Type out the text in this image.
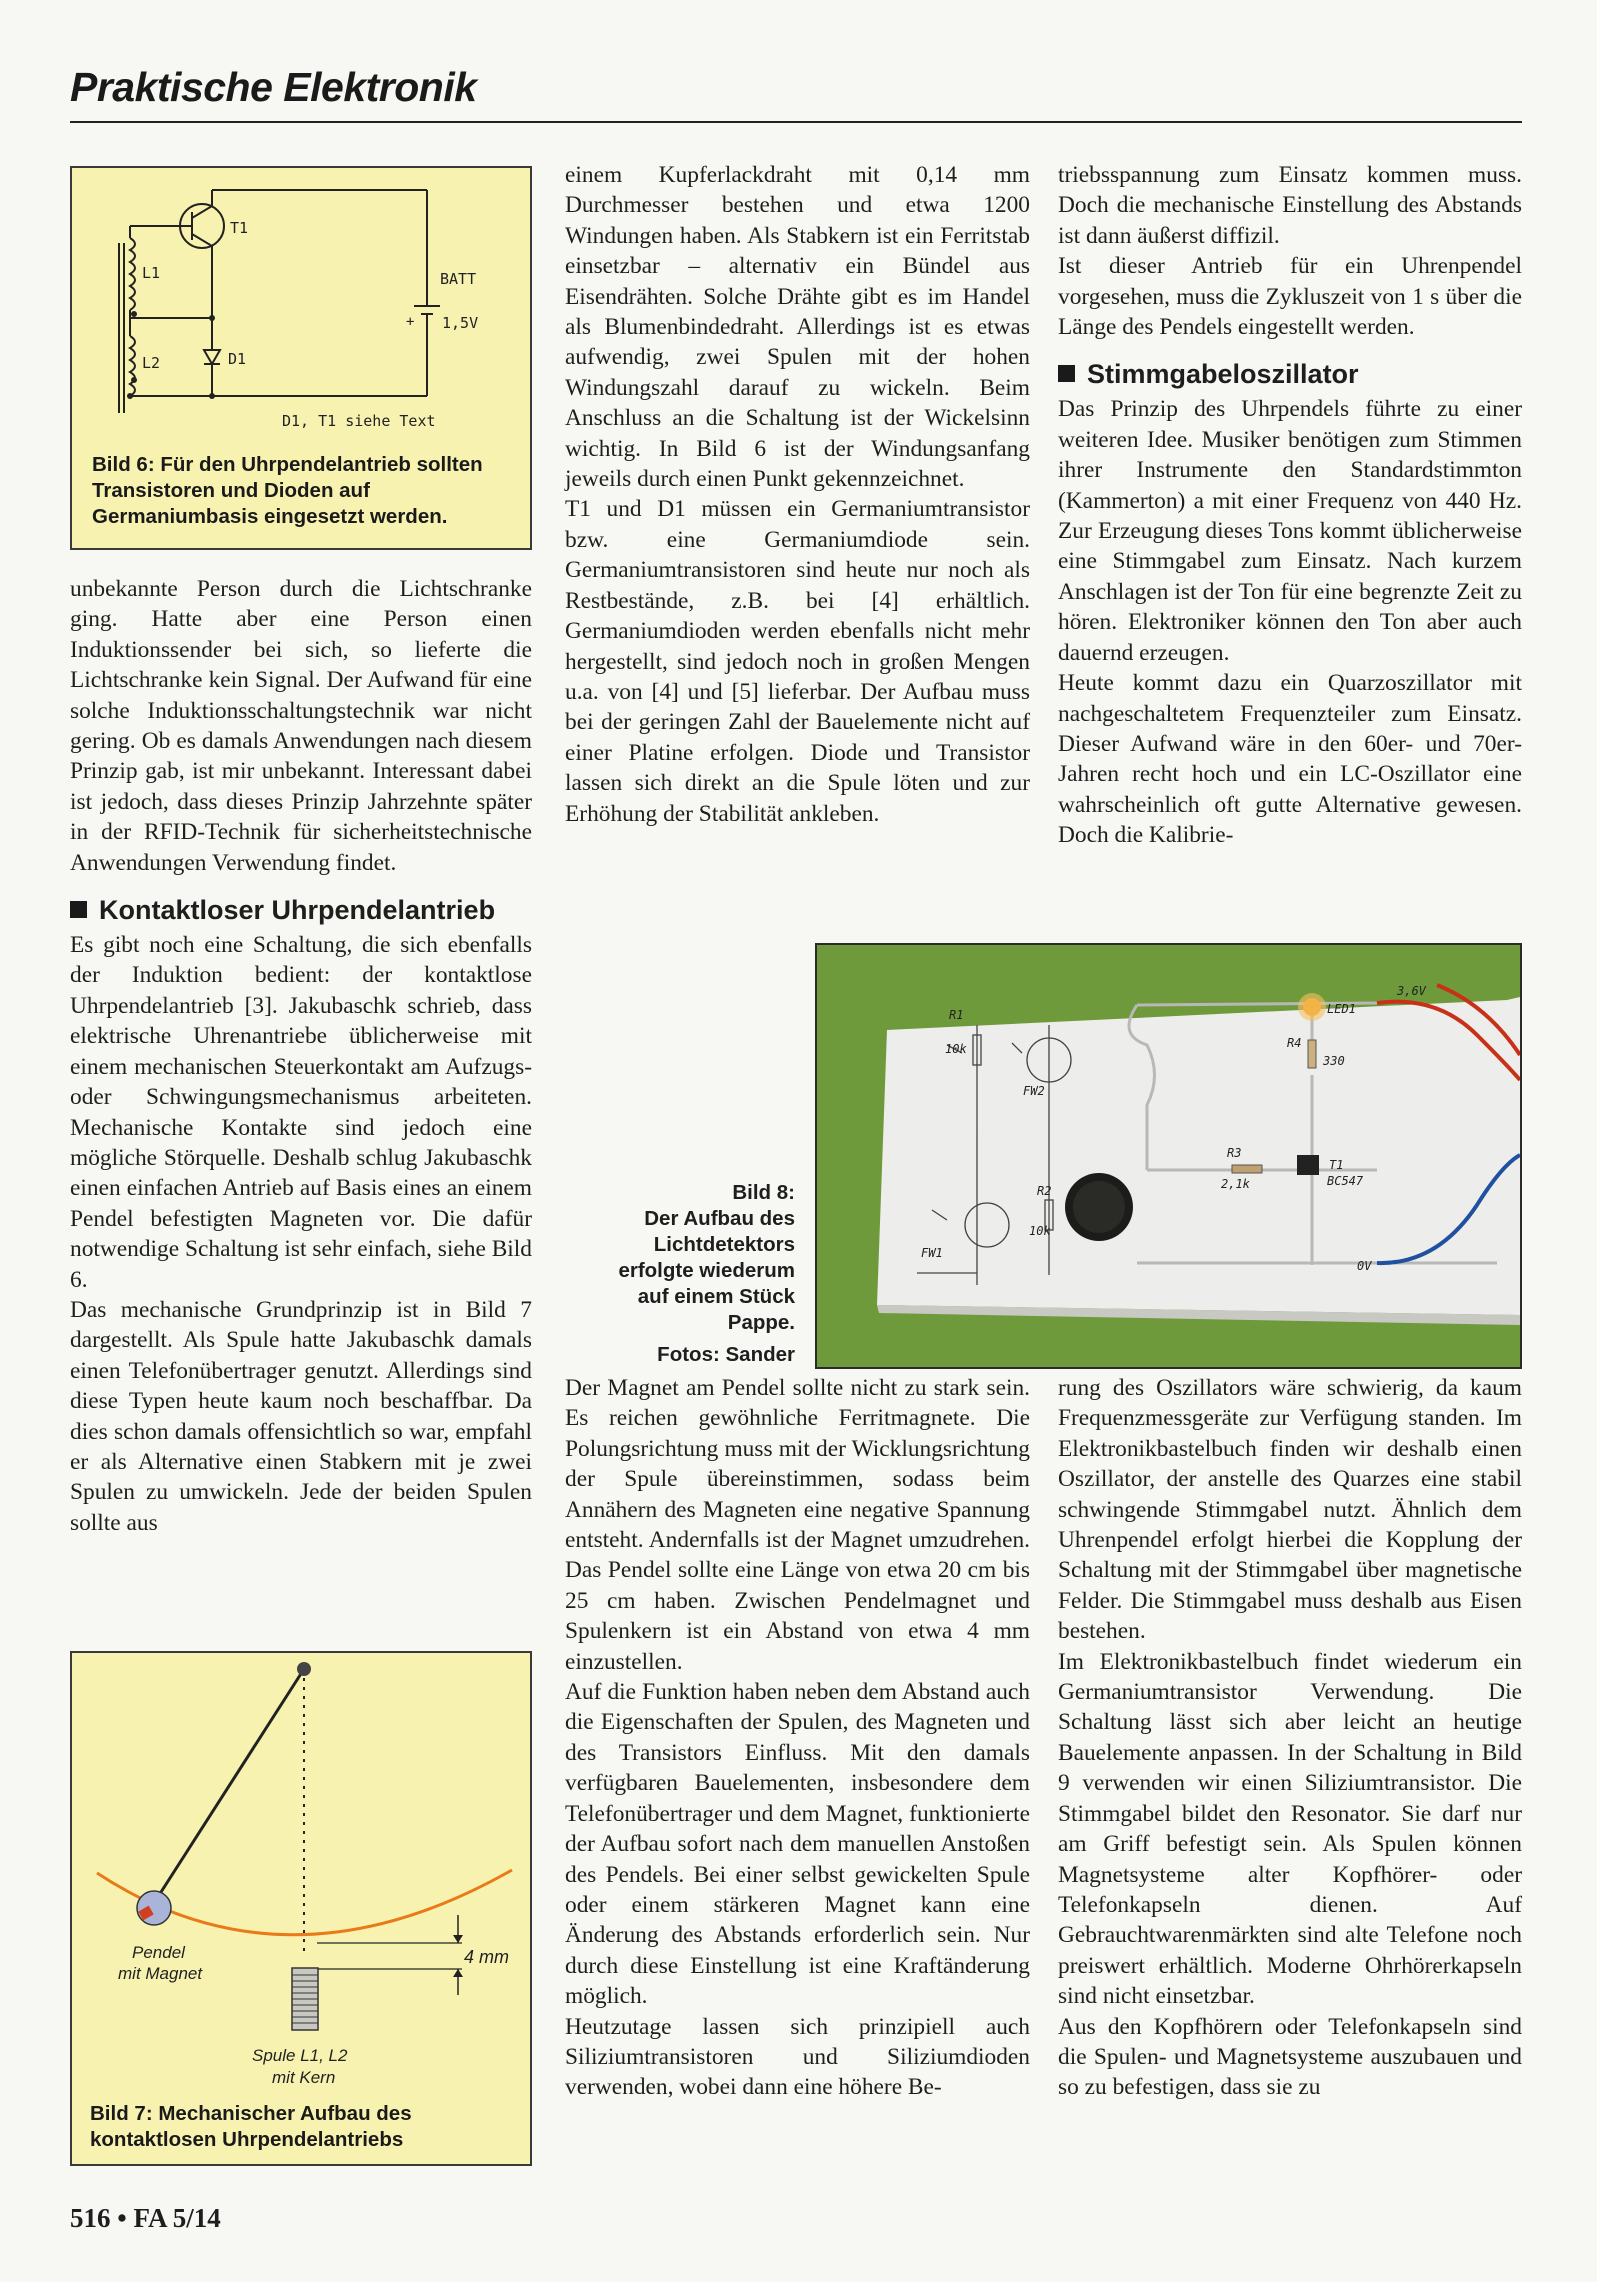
Praktische Elektronik
T1
L1
L2
BATT
+ 1,5V
D1
D1, T1 siehe Text
Bild 6: Für den Uhrpendelantrieb sollten Transistoren und Dioden auf Germaniumbasis eingesetzt werden.

unbekannte Person durch die Lichtschranke ging. Hatte aber eine Person einen Induktionssender bei sich, so lieferte die Lichtschranke kein Signal. Der Aufwand für eine solche Induktionsschaltungstechnik war nicht gering. Ob es damals Anwendungen nach diesem Prinzip gab, ist mir unbekannt. Interessant dabei ist jedoch, dass dieses Prinzip Jahrzehnte später in der RFID-Technik für sicherheitstechnische Anwendungen Verwendung findet.

Kontaktloser Uhrpendelantrieb

Es gibt noch eine Schaltung, die sich ebenfalls der Induktion bedient: der kontaktlose Uhrpendelantrieb [3]. Jakubaschk schrieb, dass elektrische Uhrenantriebe üblicherweise mit einem mechanischen Steuerkontakt am Aufzugs- oder Schwingungsmechanismus arbeiteten. Mechanische Kontakte sind jedoch eine mögliche Störquelle. Deshalb schlug Jakubaschk einen einfachen Antrieb auf Basis eines an einem Pendel befestigten Magneten vor. Die dafür notwendige Schaltung ist sehr einfach, siehe Bild 6.

Das mechanische Grundprinzip ist in Bild 7 dargestellt. Als Spule hatte Jakubaschk damals einen Telefonübertrager genutzt. Allerdings sind diese Typen heute kaum noch beschaffbar. Da dies schon damals offensichtlich so war, empfahl er als Alternative einen Stabkern mit je zwei Spulen zu umwickeln. Jede der beiden Spulen sollte aus

Pendel
mit Magnet
4 mm
Spule L1, L2
mit Kern
Bild 7: Mechanischer Aufbau des kontaktlosen Uhrpendelantriebs

einem Kupferlackdraht mit 0,14 mm Durchmesser bestehen und etwa 1200 Windungen haben. Als Stabkern ist ein Ferritstab einsetzbar – alternativ ein Bündel aus Eisendrähten. Solche Drähte gibt es im Handel als Blumenbindedraht. Allerdings ist es etwas aufwendig, zwei Spulen mit der hohen Windungszahl darauf zu wickeln. Beim Anschluss an die Schaltung ist der Wickelsinn wichtig. In Bild 6 ist der Windungsanfang jeweils durch einen Punkt gekennzeichnet.

T1 und D1 müssen ein Germaniumtransistor bzw. eine Germaniumdiode sein. Germaniumtransistoren sind heute nur noch als Restbestände, z.B. bei [4] erhältlich. Germaniumdioden werden ebenfalls nicht mehr hergestellt, sind jedoch noch in großen Mengen u.a. von [4] und [5] lieferbar. Der Aufbau muss bei der geringen Zahl der Bauelemente nicht auf einer Platine erfolgen. Diode und Transistor lassen sich direkt an die Spule löten und zur Erhöhung der Stabilität ankleben.

triebsspannung zum Einsatz kommen muss. Doch die mechanische Einstellung des Abstands ist dann äußerst diffizil.

Ist dieser Antrieb für ein Uhrenpendel vorgesehen, muss die Zykluszeit von 1 s über die Länge des Pendels eingestellt werden.

Stimmgabeloszillator

Das Prinzip des Uhrpendels führte zu einer weiteren Idee. Musiker benötigen zum Stimmen ihrer Instrumente den Standardstimmton (Kammerton) a mit einer Frequenz von 440 Hz. Zur Erzeugung dieses Tons kommt üblicherweise eine Stimmgabel zum Einsatz. Nach kurzem Anschlagen ist der Ton für eine begrenzte Zeit zu hören. Elektroniker können den Ton aber auch dauernd erzeugen.

Heute kommt dazu ein Quarzoszillator mit nachgeschaltetem Frequenzteiler zum Einsatz. Dieser Aufwand wäre in den 60er- und 70er-Jahren recht hoch und ein LC-Oszillator eine wahrscheinlich oft gutte Alternative gewesen. Doch die Kalibrie-

Bild 8:
Der Aufbau des Lichtdetektors erfolgte wiederum auf einem Stück Pappe.
Fotos: Sander
R1
10k
FW2
LED1
3,6V
R4
330
R3
2,1k
T1
BC547
R2
10k
FW1
0V

Der Magnet am Pendel sollte nicht zu stark sein. Es reichen gewöhnliche Ferritmagnete. Die Polungsrichtung muss mit der Wicklungsrichtung der Spule übereinstimmen, sodass beim Annähern des Magneten eine negative Spannung entsteht. Andernfalls ist der Magnet umzudrehen. Das Pendel sollte eine Länge von etwa 20 cm bis 25 cm haben. Zwischen Pendelmagnet und Spulenkern ist ein Abstand von etwa 4 mm einzustellen.

Auf die Funktion haben neben dem Abstand auch die Eigenschaften der Spulen, des Magneten und des Transistors Einfluss. Mit den damals verfügbaren Bauelementen, insbesondere dem Telefonübertrager und dem Magnet, funktionierte der Aufbau sofort nach dem manuellen Anstoßen des Pendels. Bei einer selbst gewickelten Spule oder einem stärkeren Magnet kann eine Änderung des Abstands erforderlich sein. Nur durch diese Einstellung ist eine Kraftänderung möglich.

Heutzutage lassen sich prinzipiell auch Siliziumtransistoren und Siliziumdioden verwenden, wobei dann eine höhere Be-

rung des Oszillators wäre schwierig, da kaum Frequenzmessgeräte zur Verfügung standen. Im Elektronikbastelbuch finden wir deshalb einen Oszillator, der anstelle des Quarzes eine stabil schwingende Stimmgabel nutzt. Ähnlich dem Uhrenpendel erfolgt hierbei die Kopplung der Schaltung mit der Stimmgabel über magnetische Felder. Die Stimmgabel muss deshalb aus Eisen bestehen.

Im Elektronikbastelbuch findet wiederum ein Germaniumtransistor Verwendung. Die Schaltung lässt sich aber leicht an heutige Bauelemente anpassen. In der Schaltung in Bild 9 verwenden wir einen Siliziumtransistor. Die Stimmgabel bildet den Resonator. Sie darf nur am Griff befestigt sein. Als Spulen können Magnetsysteme alter Kopfhörer- oder Telefonkapseln dienen. Auf Gebrauchtwarenmärkten sind alte Telefone noch preiswert erhältlich. Moderne Ohrhörerkapseln sind nicht einsetzbar.

Aus den Kopfhörern oder Telefonkapseln sind die Spulen- und Magnetsysteme auszubauen und so zu befestigen, dass sie zu

516 • FA 5/14
